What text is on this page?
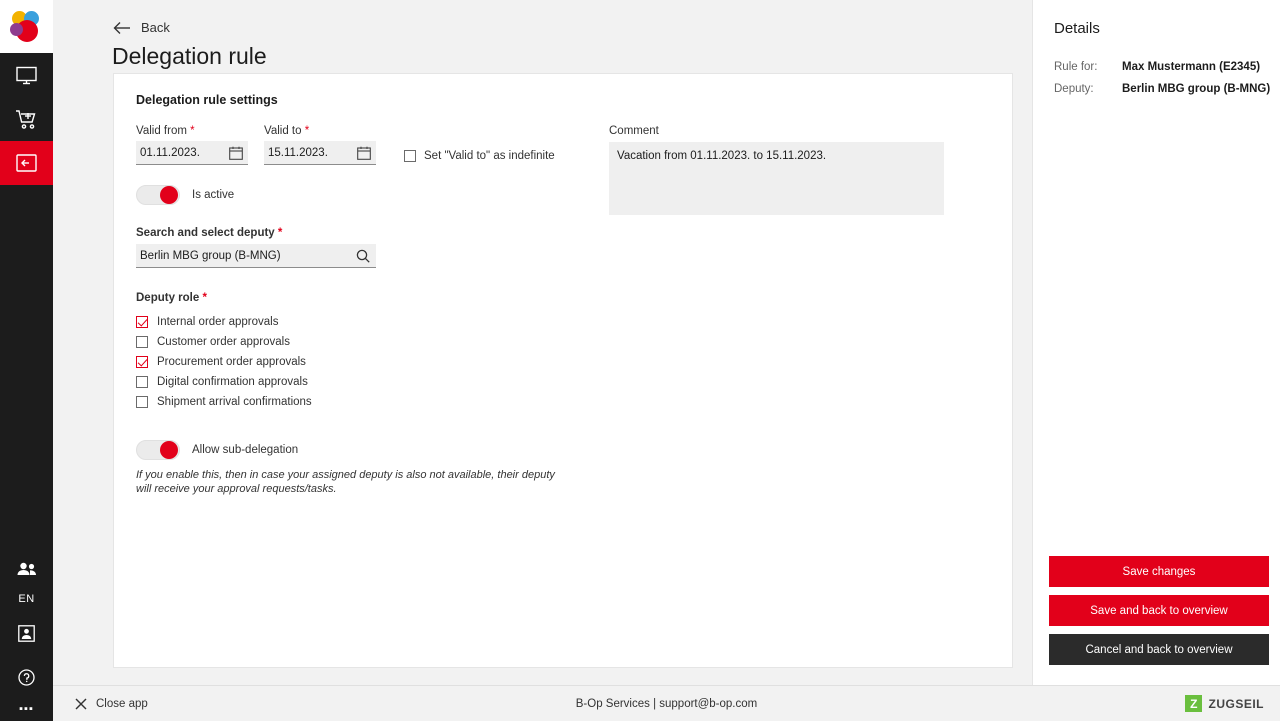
EN
▪▪▪
Back
Delegation rule
Delegation rule settings
Valid from *
01.11.2023.
Valid to *
15.11.2023.	Set "Valid to" as indefinite
Is active
Search and select deputy *
Berlin MBG group (B-MNG)
Deputy role *
Internal order approvals
Customer order approvals
Procurement order approvals
Digital confirmation approvals
Shipment arrival confirmations
Allow sub-delegation
If you enable this, then in case your assigned deputy is also not available, their deputy will receive your approval requests/tasks.
Comment
Vacation from 01.11.2023. to 15.11.2023.
Details
Rule for:	Max Mustermann (E2345)
Deputy:	Berlin MBG group (B-MNG)
Save changes
Save and back to overview
Cancel and back to overview
Close app	B-Op Services | support@b-op.com	Z ZUGSEIL
